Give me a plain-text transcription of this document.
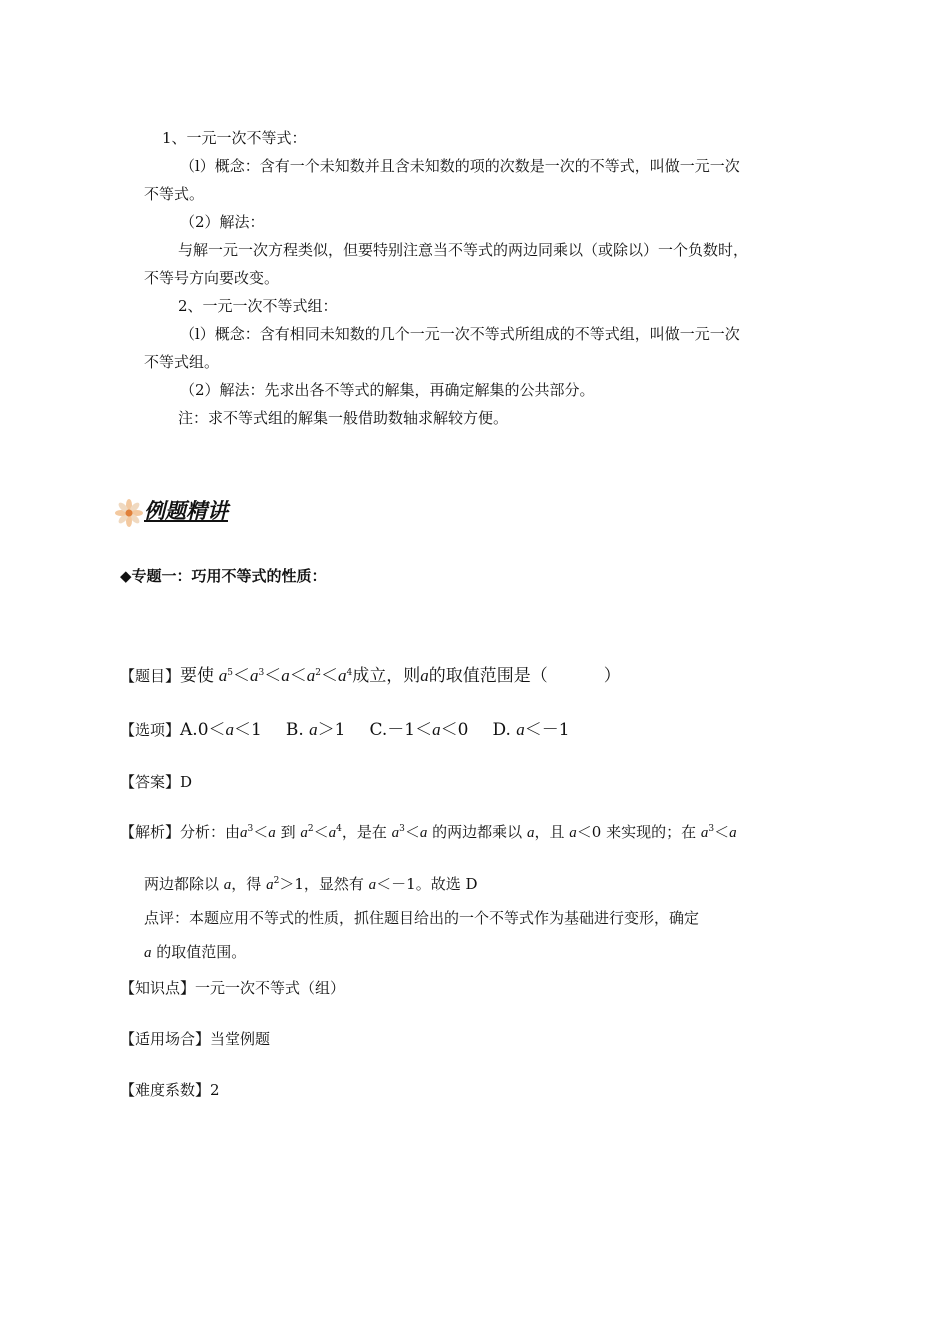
1、一元一次不等式：
（l）概念：含有一个未知数并且含未知数的项的次数是一次的不等式，叫做一元一次
不等式。
（2）解法：
与解一元一次方程类似，但要特别注意当不等式的两边同乘以（或除以）一个负数时，
不等号方向要改变。
2、一元一次不等式组：
（l）概念：含有相同未知数的几个一元一次不等式所组成的不等式组，叫做一元一次
不等式组。
（2）解法：先求出各不等式的解集，再确定解集的公共部分。
注：求不等式组的解集一般借助数轴求解较方便。
例题精讲
◆专题一：巧用不等式的性质：
【题目】要使 $a^5<a^3<a<a^2<a^4$成立，则a的取值范围是（	）
【选项】A.0＜a＜1 B. a＞1 C.－1＜a＜0 D. a＜－1
【答案】D
【解析】分析：由$a^3<a$ 到 $a^2<a^4$，是在 $a^3<a$ 的两边都乘以 a，且 a＜0 来实现的；在 $a^3<a$
两边都除以 a，得 $a^2>1$，显然有 a＜－1。故选 D
点评：本题应用不等式的性质，抓住题目给出的一个不等式作为基础进行变形，确定
a 的取值范围。
【知识点】一元一次不等式（组）
【适用场合】当堂例题
【难度系数】2
